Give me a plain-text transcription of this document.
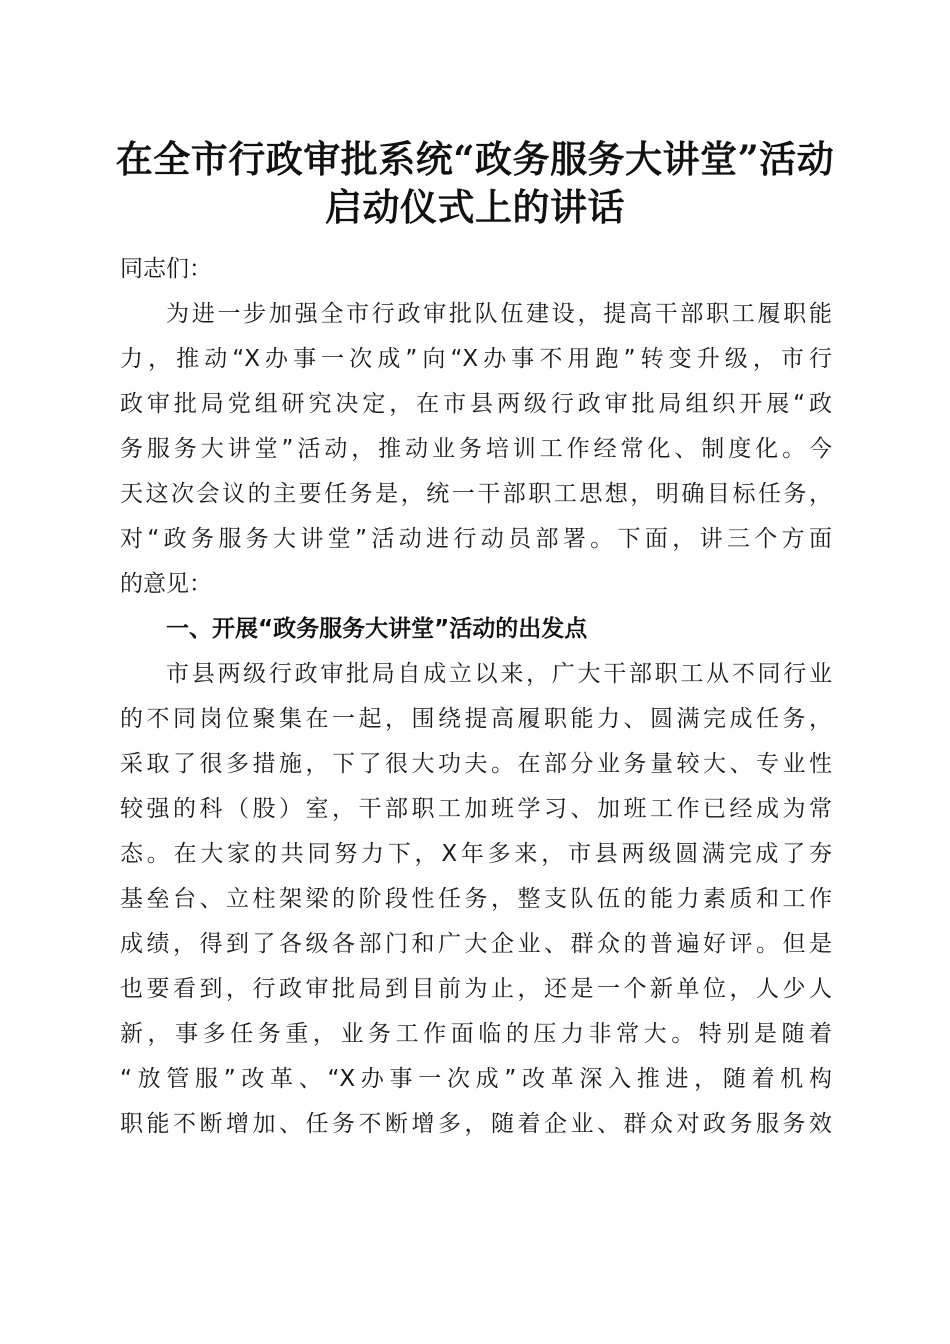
在全市行政审批系统“政务服务大讲堂”活动
启动仪式上的讲话
同志们：
为进一步加强全市行政审批队伍建设，提高干部职工履职能
力，推动“X办事一次成”向“X办事不用跑”转变升级，市行
政审批局党组研究决定，在市县两级行政审批局组织开展“政
务服务大讲堂”活动，推动业务培训工作经常化、制度化。今
天这次会议的主要任务是，统一干部职工思想，明确目标任务，
对“政务服务大讲堂”活动进行动员部署。下面，讲三个方面
的意见：
一、开展“政务服务大讲堂”活动的出发点
市县两级行政审批局自成立以来，广大干部职工从不同行业
的不同岗位聚集在一起，围绕提高履职能力、圆满完成任务，
采取了很多措施，下了很大功夫。在部分业务量较大、专业性
较强的科（股）室，干部职工加班学习、加班工作已经成为常
态。在大家的共同努力下，X年多来，市县两级圆满完成了夯
基垒台、立柱架梁的阶段性任务，整支队伍的能力素质和工作
成绩，得到了各级各部门和广大企业、群众的普遍好评。但是
也要看到，行政审批局到目前为止，还是一个新单位，人少人
新，事多任务重，业务工作面临的压力非常大。特别是随着
“放管服”改革、“X办事一次成”改革深入推进，随着机构
职能不断增加、任务不断增多，随着企业、群众对政务服务效
